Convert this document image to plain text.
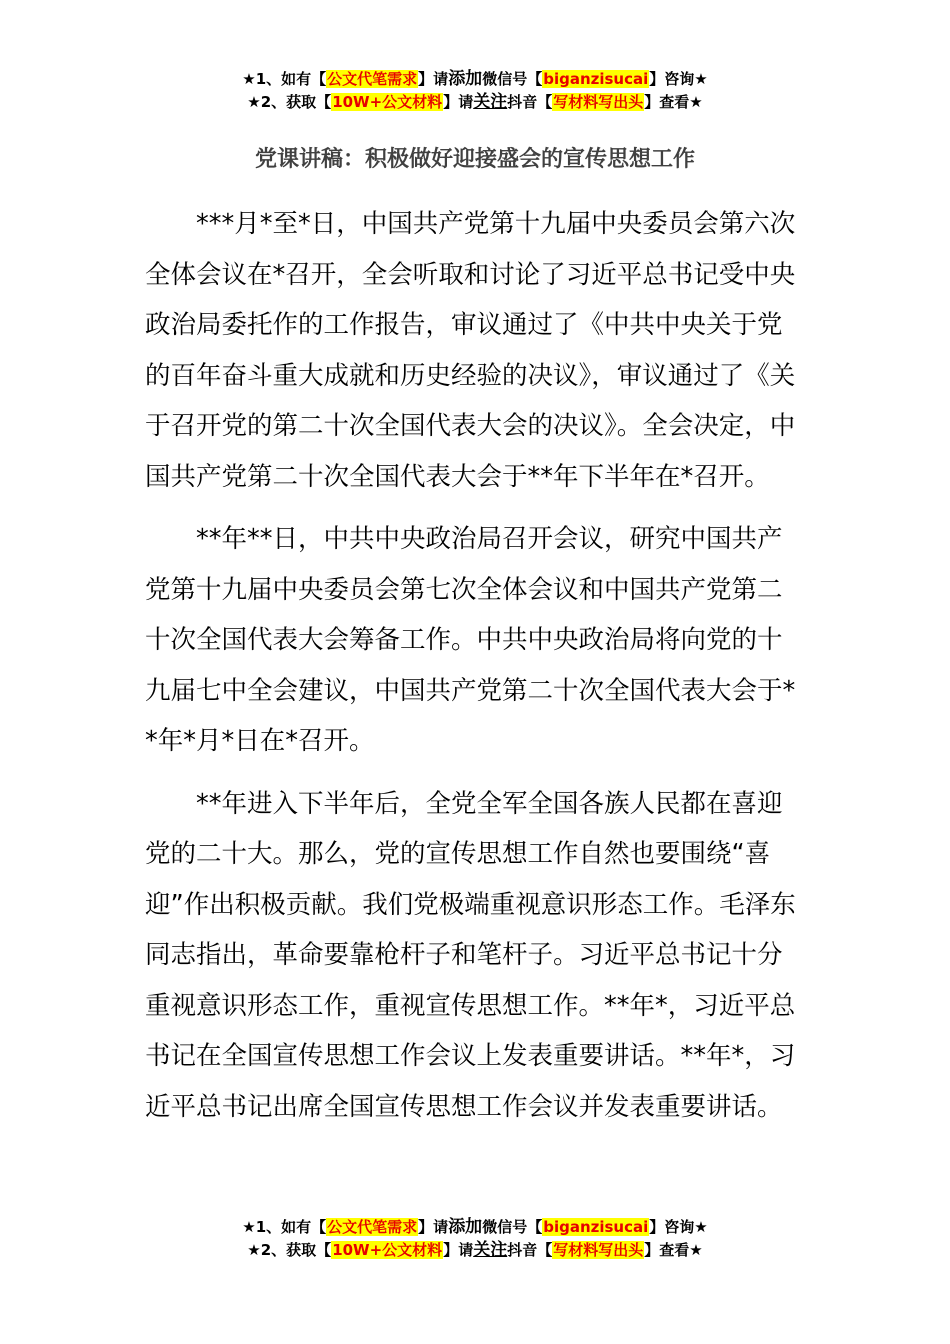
★1、如有【公文代笔需求】请添加微信号【biganzisucai】咨询★
★2、获取【10W+公文材料】请关注抖音【写材料写出头】查看★
党课讲稿：积极做好迎接盛会的宣传思想工作

***月*至*日，中国共产党第十九届中央委员会第六次全体会议在*召开，全会听取和讨论了习近平总书记受中央政治局委托作的工作报告，审议通过了《中共中央关于党的百年奋斗重大成就和历史经验的决议》，审议通过了《关于召开党的第二十次全国代表大会的决议》。全会决定，中国共产党第二十次全国代表大会于**年下半年在*召开。

**年**日，中共中央政治局召开会议，研究中国共产党第十九届中央委员会第七次全体会议和中国共产党第二十次全国代表大会筹备工作。中共中央政治局将向党的十九届七中全会建议，中国共产党第二十次全国代表大会于**年*月*日在*召开。

**年进入下半年后，全党全军全国各族人民都在喜迎党的二十大。那么，党的宣传思想工作自然也要围绕“喜迎”作出积极贡献。我们党极端重视意识形态工作。毛泽东同志指出，革命要靠枪杆子和笔杆子。习近平总书记十分重视意识形态工作，重视宣传思想工作。**年*，习近平总书记在全国宣传思想工作会议上发表重要讲话。**年*，习近平总书记出席全国宣传思想工作会议并发表重要讲话。

★1、如有【公文代笔需求】请添加微信号【biganzisucai】咨询★
★2、获取【10W+公文材料】请关注抖音【写材料写出头】查看★
